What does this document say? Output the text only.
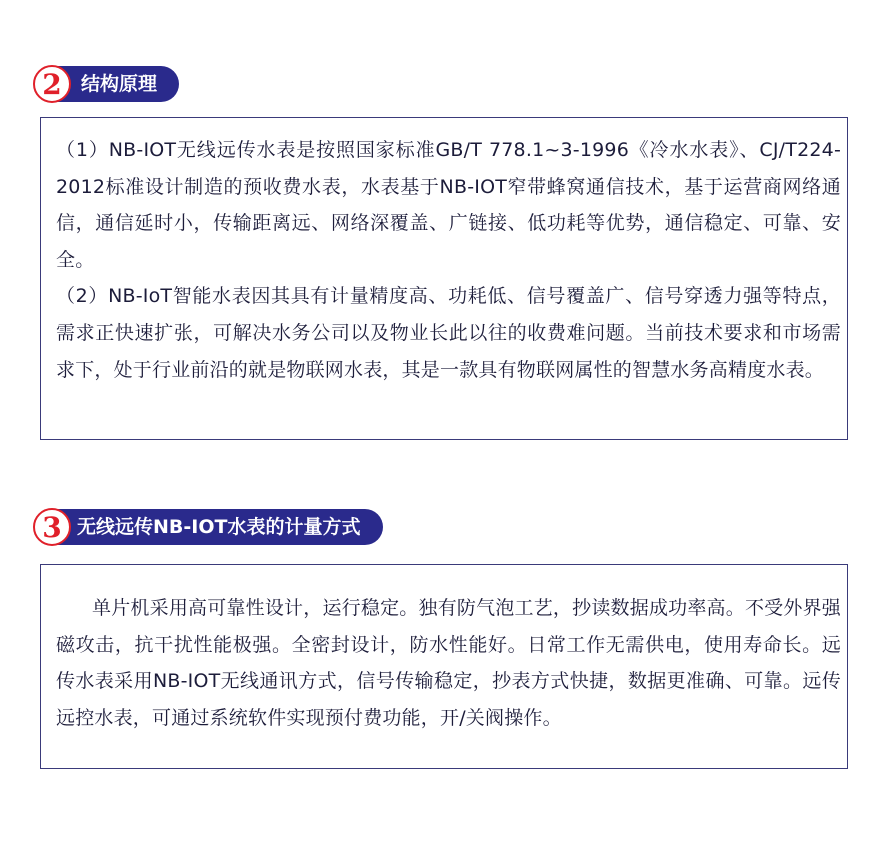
2	结构原理

（1）NB-IOT无线远传水表是按照国家标准GB/T 778.1~3-1996《冷水水表》、CJ/T224-2012标准设计制造的预收费水表，水表基于NB-IOT窄带蜂窝通信技术，基于运营商网络通信，通信延时小，传输距离远、网络深覆盖、广链接、低功耗等优势，通信稳定、可靠、安全。

（2）NB-IoT智能水表因其具有计量精度高、功耗低、信号覆盖广、信号穿透力强等特点，需求正快速扩张，可解决水务公司以及物业长此以往的收费难问题。当前技术要求和市场需求下，处于行业前沿的就是物联网水表，其是一款具有物联网属性的智慧水务高精度水表。

3 无线远传NB-IOT水表的计量方式

单片机采用高可靠性设计，运行稳定。独有防气泡工艺，抄读数据成功率高。不受外界强磁攻击，抗干扰性能极强。全密封设计，防水性能好。日常工作无需供电，使用寿命长。远传水表采用NB-IOT无线通讯方式，信号传输稳定，抄表方式快捷，数据更准确、可靠。远传远控水表，可通过系统软件实现预付费功能，开/关阀操作。
